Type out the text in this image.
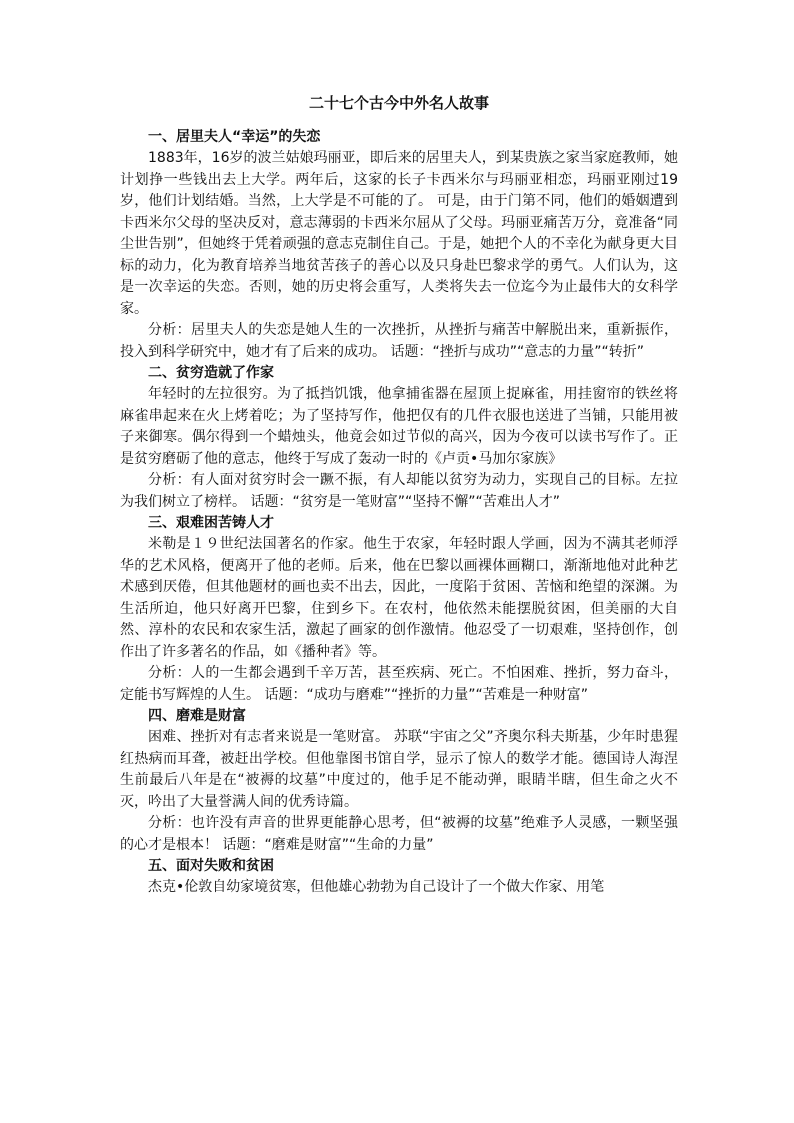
二十七个古今中外名人故事

一、居里夫人“幸运”的失恋

1883年，16岁的波兰姑娘玛丽亚，即后来的居里夫人，到某贵族之家当家庭教师，她计划挣一些钱出去上大学。两年后，这家的长子卡西米尔与玛丽亚相恋，玛丽亚刚过19岁，他们计划结婚。当然，上大学是不可能的了。 可是，由于门第不同，他们的婚姻遭到卡西米尔父母的坚决反对，意志薄弱的卡西米尔屈从了父母。玛丽亚痛苦万分，竟准备“同尘世告别”，但她终于凭着顽强的意志克制住自己。于是，她把个人的不幸化为献身更大目标的动力，化为教育培养当地贫苦孩子的善心以及只身赴巴黎求学的勇气。人们认为，这是一次幸运的失恋。否则，她的历史将会重写，人类将失去一位迄今为止最伟大的女科学家。

分析：居里夫人的失恋是她人生的一次挫折，从挫折与痛苦中解脱出来，重新振作，投入到科学研究中，她才有了后来的成功。 话题：“挫折与成功”“意志的力量”“转折”

二、贫穷造就了作家

年轻时的左拉很穷。为了抵挡饥饿，他拿捕雀器在屋顶上捉麻雀，用挂窗帘的铁丝将麻雀串起来在火上烤着吃；为了坚持写作，他把仅有的几件衣服也送进了当铺，只能用被子来御寒。偶尔得到一个蜡烛头，他竟会如过节似的高兴，因为今夜可以读书写作了。正是贫穷磨砺了他的意志，他终于写成了轰动一时的《卢贡•马加尔家族》

分析：有人面对贫穷时会一蹶不振，有人却能以贫穷为动力，实现自己的目标。左拉为我们树立了榜样。 话题：“贫穷是一笔财富”“坚持不懈”“苦难出人才”

三、艰难困苦铸人才

米勒是１９世纪法国著名的作家。他生于农家，年轻时跟人学画，因为不满其老师浮华的艺术风格，便离开了他的老师。后来，他在巴黎以画裸体画糊口，渐渐地他对此种艺术感到厌倦，但其他题材的画也卖不出去，因此，一度陷于贫困、苦恼和绝望的深渊。为生活所迫，他只好离开巴黎，住到乡下。在农村，他依然未能摆脱贫困，但美丽的大自然、淳朴的农民和农家生活，激起了画家的创作激情。他忍受了一切艰难，坚持创作，创作出了许多著名的作品，如《播种者》等。

分析：人的一生都会遇到千辛万苦，甚至疾病、死亡。不怕困难、挫折，努力奋斗，定能书写辉煌的人生。 话题：“成功与磨难”“挫折的力量”“苦难是一种财富”

四、磨难是财富

困难、挫折对有志者来说是一笔财富。 苏联“宇宙之父”齐奥尔科夫斯基，少年时患猩红热病而耳聋，被赶出学校。但他靠图书馆自学，显示了惊人的数学才能。德国诗人海涅生前最后八年是在“被褥的坟墓”中度过的，他手足不能动弹，眼睛半瞎，但生命之火不灭，吟出了大量誉满人间的优秀诗篇。

分析：也许没有声音的世界更能静心思考，但“被褥的坟墓”绝难予人灵感，一颗坚强的心才是根本！ 话题：“磨难是财富”“生命的力量”

五、面对失败和贫困

杰克•伦敦自幼家境贫寒，但他雄心勃勃为自己设计了一个做大作家、用笔
